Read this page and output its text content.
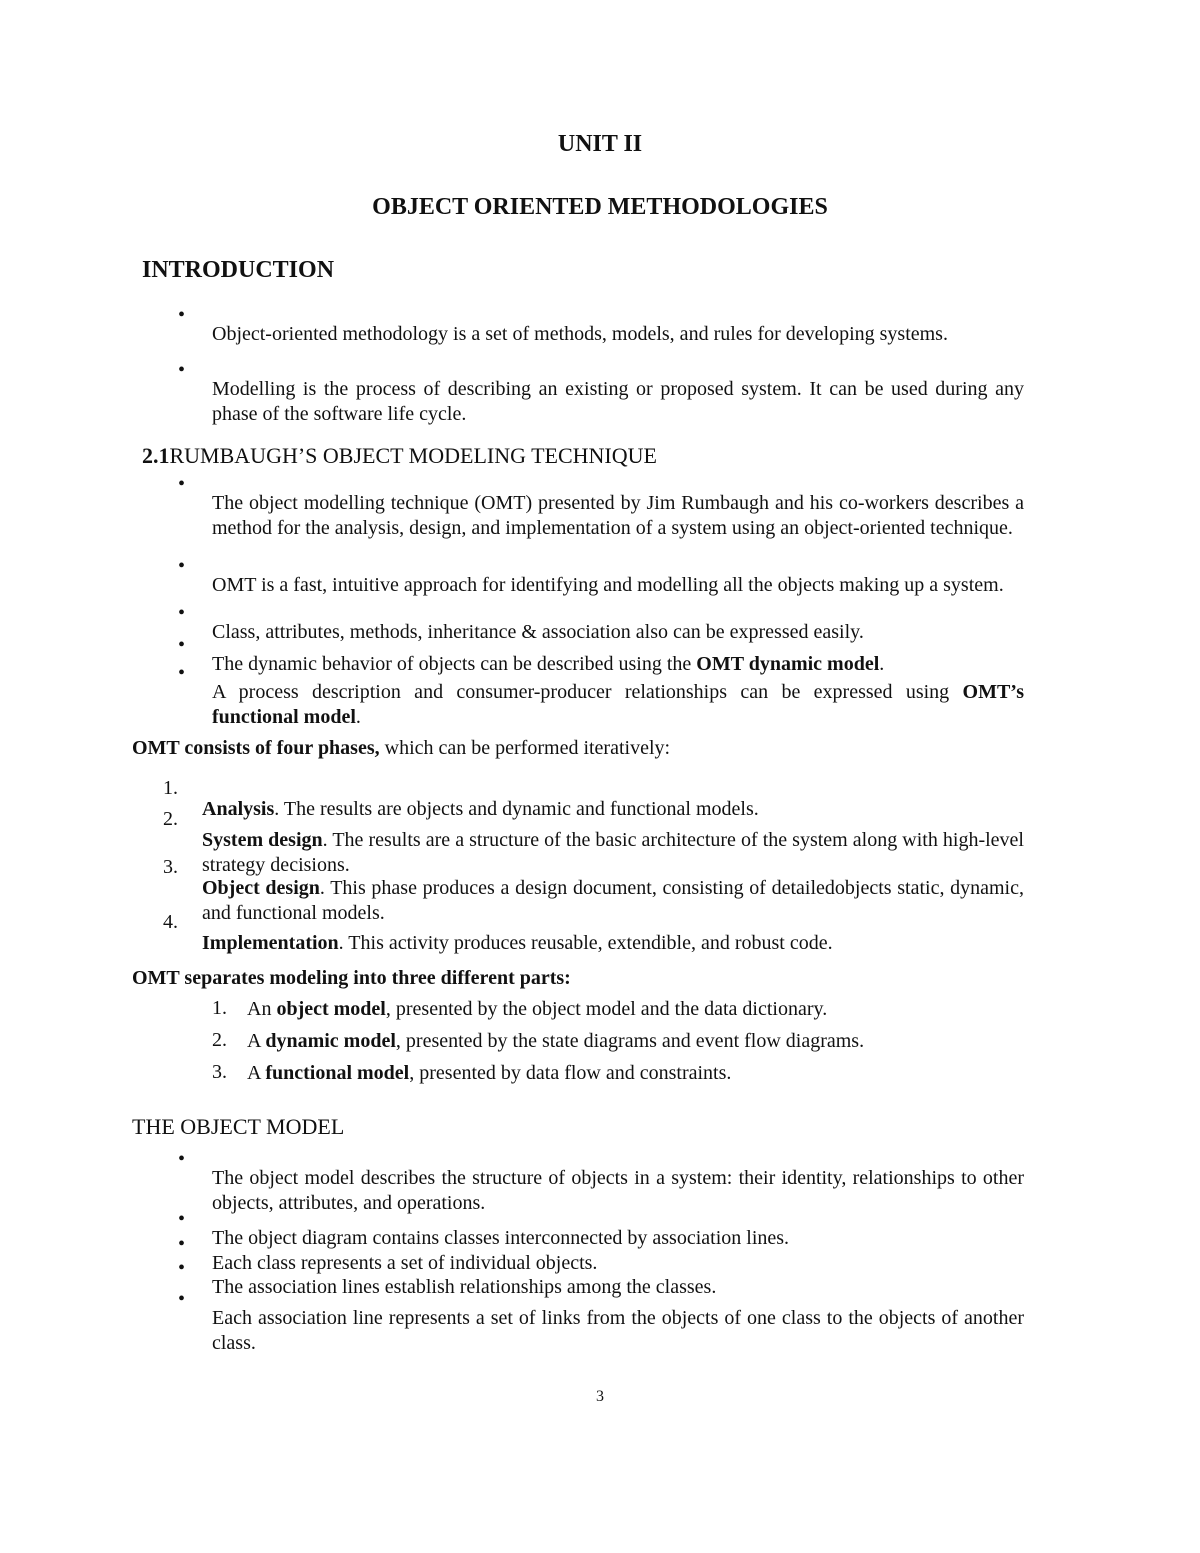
UNIT II
OBJECT ORIENTED METHODOLOGIES
INTRODUCTION
•

Object-oriented methodology is a set of methods, models, and rules for developing systems.

•

Modelling is the process of describing an existing or proposed system. It can be used during any phase of the software life cycle.

2.1RUMBAUGH’S OBJECT MODELING TECHNIQUE
•

The object modelling technique (OMT) presented by Jim Rumbaugh and his co-workers describes a method for the analysis, design, and implementation of a system using an object-oriented technique.

•

OMT is a fast, intuitive approach for identifying and modelling all the objects making up a system.

•

Class, attributes, methods, inheritance & association also can be expressed easily.

•

The dynamic behavior of objects can be described using the OMT dynamic model.

•

A process description and consumer-producer relationships can be expressed using OMT’s functional model.

OMT consists of four phases, which can be performed iteratively:

1.

Analysis. The results are objects and dynamic and functional models.

2.

System design. The results are a structure of the basic architecture of the system along with high-level strategy decisions.

3.

Object design. This phase produces a design document, consisting of detailedobjects static, dynamic, and functional models.

4.

Implementation. This activity produces reusable, extendible, and robust code.

OMT separates modeling into three different parts:

1. An object model, presented by the object model and the data dictionary.

2. A dynamic model, presented by the state diagrams and event flow diagrams.

3. A functional model, presented by data flow and constraints.

THE OBJECT MODEL
•

The object model describes the structure of objects in a system: their identity, relationships to other objects, attributes, and operations.

•

The object diagram contains classes interconnected by association lines.

•

Each class represents a set of individual objects.

•

The association lines establish relationships among the classes.

•

Each association line represents a set of links from the objects of one class to the objects of another class.

3
